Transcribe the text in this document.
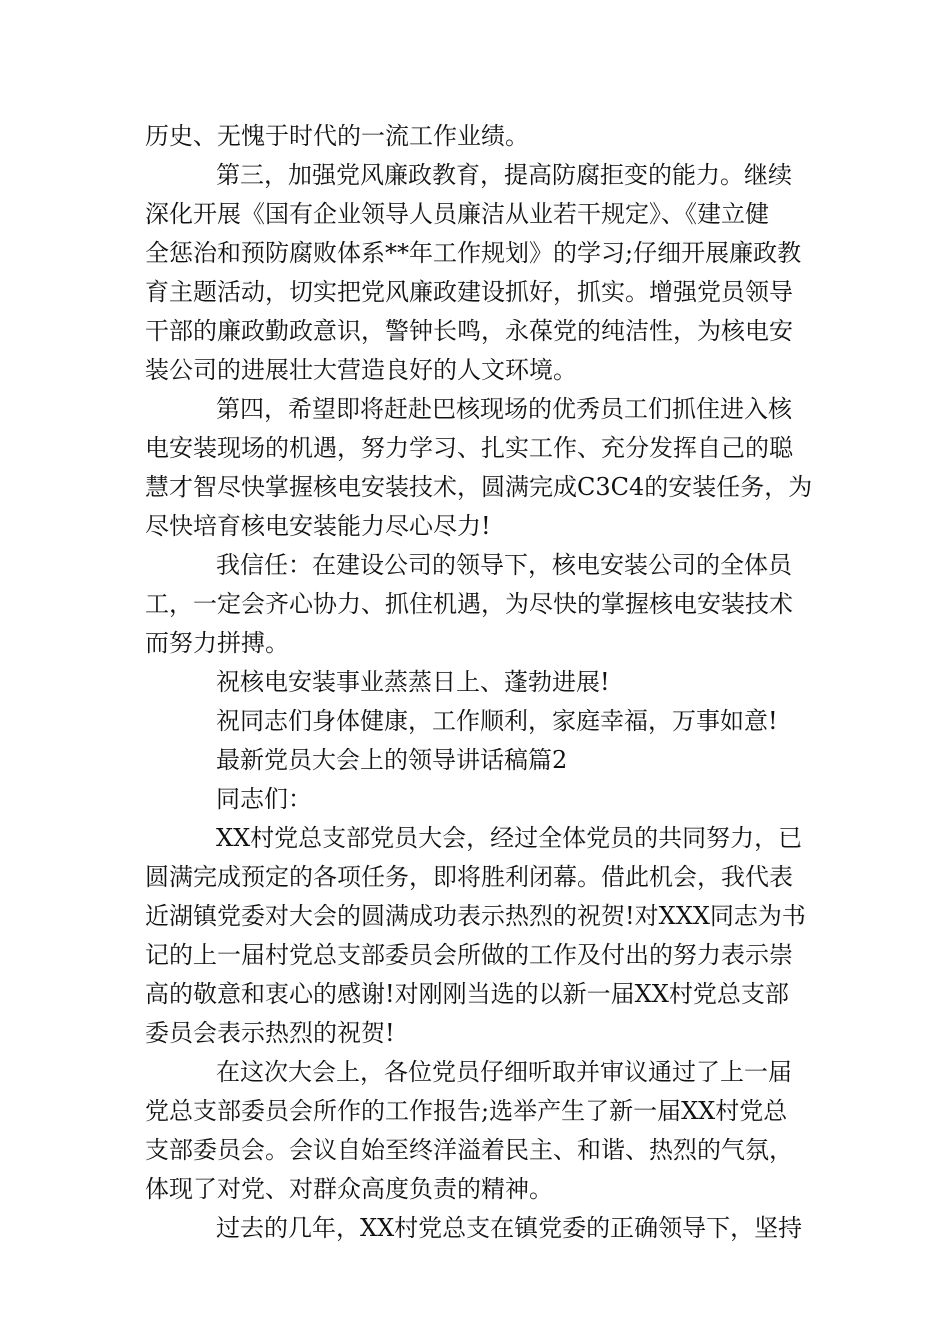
历史、无愧于时代的一流工作业绩。
第三，加强党风廉政教育，提高防腐拒变的能力。继续
深化开展《国有企业领导人员廉洁从业若干规定》、《建立健
全惩治和预防腐败体系**年工作规划》的学习;仔细开展廉政教
育主题活动，切实把党风廉政建设抓好，抓实。增强党员领导
干部的廉政勤政意识，警钟长鸣，永葆党的纯洁性，为核电安
装公司的进展壮大营造良好的人文环境。
第四，希望即将赶赴巴核现场的优秀员工们抓住进入核
电安装现场的机遇，努力学习、扎实工作、充分发挥自己的聪
慧才智尽快掌握核电安装技术，圆满完成C3C4的安装任务，为
尽快培育核电安装能力尽心尽力!
我信任：在建设公司的领导下，核电安装公司的全体员
工，一定会齐心协力、抓住机遇，为尽快的掌握核电安装技术
而努力拼搏。
祝核电安装事业蒸蒸日上、蓬勃进展!
祝同志们身体健康，工作顺利，家庭幸福，万事如意!
最新党员大会上的领导讲话稿篇2
同志们：
XX村党总支部党员大会，经过全体党员的共同努力，已
圆满完成预定的各项任务，即将胜利闭幕。借此机会，我代表
近湖镇党委对大会的圆满成功表示热烈的祝贺!对XXX同志为书
记的上一届村党总支部委员会所做的工作及付出的努力表示崇
高的敬意和衷心的感谢!对刚刚当选的以新一届XX村党总支部
委员会表示热烈的祝贺!
在这次大会上，各位党员仔细听取并审议通过了上一届
党总支部委员会所作的工作报告;选举产生了新一届XX村党总
支部委员会。会议自始至终洋溢着民主、和谐、热烈的气氛，
体现了对党、对群众高度负责的精神。
过去的几年，XX村党总支在镇党委的正确领导下，坚持
